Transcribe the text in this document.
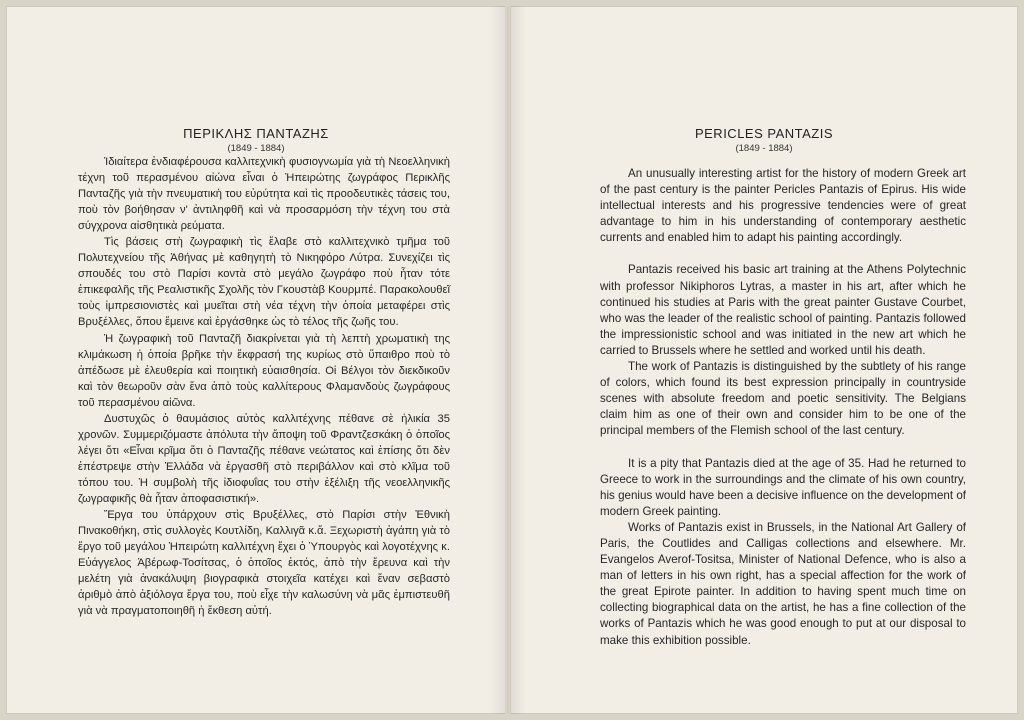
ΠΕΡΙΚΛΗΣ ΠΑΝΤΑΖΗΣ
(1849 - 1884)

Ἰδιαίτερα ἐνδιαφέρουσα καλλιτεχνικὴ φυσιογνωμία γιὰ τὴ Νεοελληνικὴ τέχνη τοῦ περασμένου αἰώνα εἶναι ὁ Ἠπειρώτης ζωγράφος Περικλῆς Πανταζῆς γιὰ τὴν πνευματικὴ του εὐρύτητα καὶ τὶς προοδευτικὲς τάσεις του, ποὺ τὸν βοήθησαν ν' ἀντιληφθῆ καὶ νὰ προσαρμόση τὴν τέχνη του στὰ σύγχρονα αἰσθητικὰ ρεύματα.

Τὶς βάσεις στὴ ζωγραφικὴ τὶς ἔλαβε στὸ καλλιτεχνικὸ τμῆμα τοῦ Πολυτεχνείου τῆς Ἀθήνας μὲ καθηγητὴ τὸ Νικηφόρο Λύτρα. Συνεχίζει τὶς σπουδές του στὸ Παρίσι κοντὰ στὸ μεγάλο ζωγράφο ποὺ ἦταν τότε ἐπικεφαλῆς τῆς Ρεαλιστικῆς Σχολῆς τὸν Γκουστὰβ Κουρμπέ. Παρακολουθεῖ τοὺς ἰμπρεσιονιστὲς καὶ μυεῖται στὴ νέα τέχνη τὴν ὁποία μεταφέρει στὶς Βρυξέλλες, ὅπου ἔμεινε καὶ ἐργάσθηκε ὡς τὸ τέλος τῆς ζωῆς του.

Ἡ ζωγραφικὴ τοῦ Πανταζῆ διακρίνεται γιὰ τὴ λεπτὴ χρωματικὴ της κλιμάκωση ἡ ὁποία βρῆκε τὴν ἔκφρασή της κυρίως στὸ ὕπαιθρο ποὺ τὸ ἀπέδωσε μὲ ἐλευθερία καὶ ποιητικὴ εὐαισθησία. Οἱ Βέλγοι τὸν διεκδικοῦν καὶ τὸν θεωροῦν σὰν ἕνα ἀπὸ τοὺς καλλίτερους Φλαμανδοὺς ζωγράφους τοῦ περασμένου αἰῶνα.

Δυστυχῶς ὁ θαυμάσιος αὐτὸς καλλιτέχνης πέθανε σὲ ἡλικία 35 χρονῶν. Συμμεριζόμαστε ἀπόλυτα τὴν ἄποψη τοῦ Φραντζεσκάκη ὁ ὁποῖος λέγει ὅτι «Εἶναι κρῖμα ὅτι ὁ Πανταζῆς πέθανε νεώτατος καὶ ἐπίσης ὅτι δὲν ἐπέστρεψε στὴν Ἑλλάδα νὰ ἐργασθῆ στὸ περιβάλλον καὶ στὸ κλῖμα τοῦ τόπου του. Ἡ συμβολὴ τῆς ἰδιοφυΐας του στὴν ἐξέλιξη τῆς νεοελληνικῆς ζωγραφικῆς θὰ ἦταν ἀποφασιστική».

Ἔργα του ὑπάρχουν στὶς Βρυξέλλες, στὸ Παρίσι στὴν Ἐθνικὴ Πινακοθήκη, στὶς συλλογὲς Κουτλίδη, Καλλιγᾶ κ.ἄ. Ξεχωριστὴ ἀγάπη γιὰ τὸ ἔργο τοῦ μεγάλου Ἠπειρώτη καλλιτέχνη ἔχει ὁ Ὑπουργὸς καὶ λογοτέχνης κ. Εὐάγγελος Ἀβέρωφ-Τοσίτσας, ὁ ὁποῖος ἐκτός, ἀπὸ τὴν ἔρευνα καὶ τὴν μελέτη γιὰ ἀνακάλυψη βιογραφικὰ στοιχεῖα κατέχει καὶ ἕναν σεβαστὸ ἀριθμὸ ἀπὸ ἀξιόλογα ἔργα του, ποὺ εἶχε τὴν καλωσύνη νὰ μᾶς ἐμπιστευθῆ γιὰ νὰ πραγματοποιηθῆ ἡ ἔκθεση αὐτή.

PERICLES PANTAZIS
(1849 - 1884)

An unusually interesting artist for the history of modern Greek art of the past century is the painter Pericles Pantazis of Epirus. His wide intellectual interests and his progressive tendencies were of great advantage to him in his understanding of contemporary aesthetic currents and enabled him to adapt his painting accordingly.

Pantazis received his basic art training at the Athens Polytechnic with professor Nikiphoros Lytras, a master in his art, after which he continued his studies at Paris with the great painter Gustave Courbet, who was the leader of the realistic school of painting. Pantazis followed the impressionistic school and was initiated in the new art which he carried to Brussels where he settled and worked until his death.

The work of Pantazis is distinguished by the subtlety of his range of colors, which found its best expression principally in countryside scenes with absolute freedom and poetic sensitivity. The Belgians claim him as one of their own and consider him to be one of the principal members of the Flemish school of the last century.

It is a pity that Pantazis died at the age of 35. Had he returned to Greece to work in the surroundings and the climate of his own country, his genius would have been a decisive influence on the development of modern Greek painting.

Works of Pantazis exist in Brussels, in the National Art Gallery of Paris, the Coutlides and Calligas collections and elsewhere. Mr. Evangelos Averof-Tositsa, Minister of National Defence, who is also a man of letters in his own right, has a special affection for the work of the great Epirote painter. In addition to having spent much time on collecting biographical data on the artist, he has a fine collection of the works of Pantazis which he was good enough to put at our disposal to make this exhibition possible.
